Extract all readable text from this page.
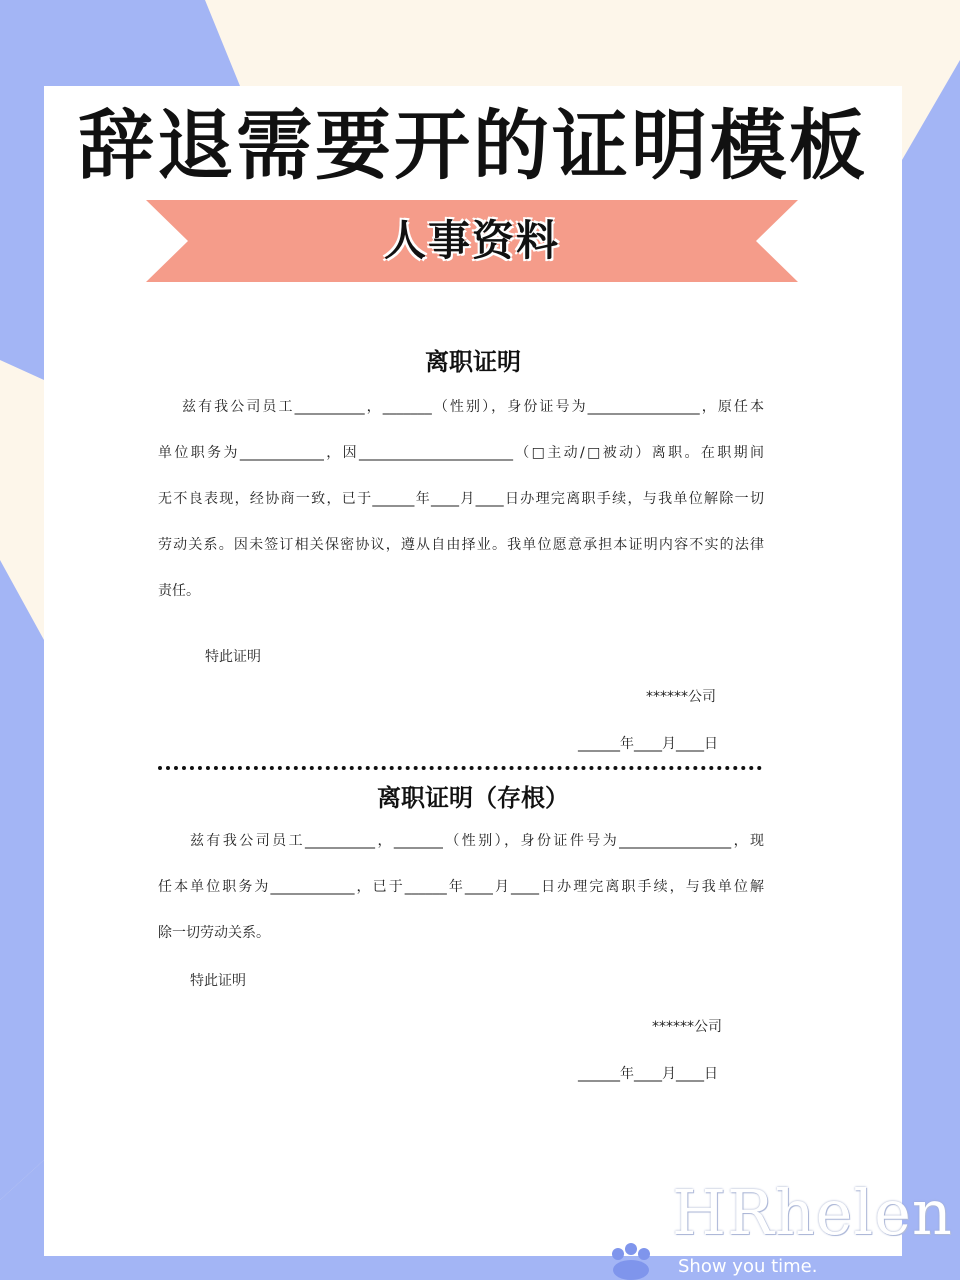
辞退需要开的证明模板
人事资料
离职证明

兹有我公司员工__________，_______（性别），身份证号为________________，原任本

单位职务为____________，因______________________（□主动/□被动）离职。在职期间

无不良表现，经协商一致，已于______年____月____日办理完离职手续，与我单位解除一切

劳动关系。因未签订相关保密协议，遵从自由择业。我单位愿意承担本证明内容不实的法律

责任。

特此证明
******公司
______年____月____日
离职证明（存根）

兹有我公司员工__________，_______（性别），身份证件号为________________，现

任本单位职务为____________，已于______年____月____日办理完离职手续，与我单位解

除一切劳动关系。

特此证明
******公司
______年____月____日
HRhelen
Show you time.
